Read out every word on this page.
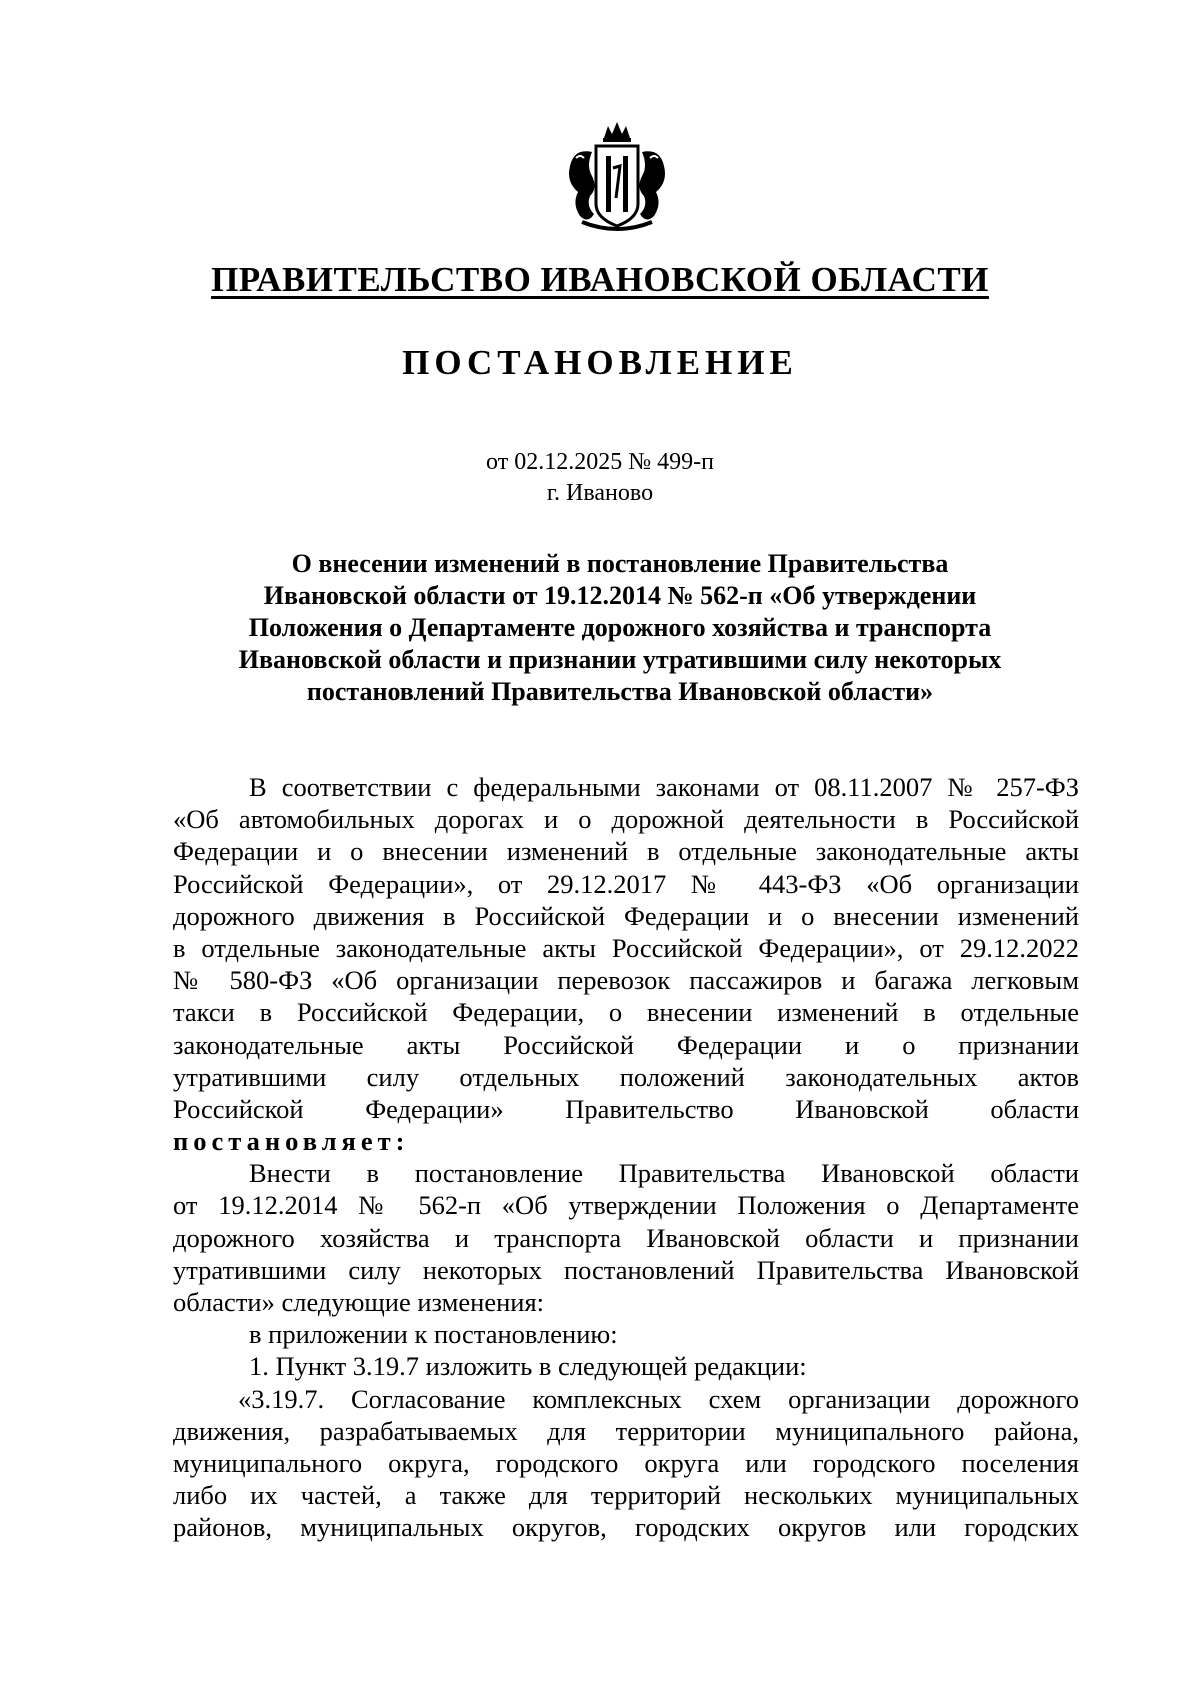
ПРАВИТЕЛЬСТВО ИВАНОВСКОЙ ОБЛАСТИ
ПОСТАНОВЛЕНИЕ
от 02.12.2025 № 499-п
г. Иваново
О внесении изменений в постановление Правительства
Ивановской области от 19.12.2014 № 562-п «Об утверждении
Положения о Департаменте дорожного хозяйства и транспорта
Ивановской области и признании утратившими силу некоторых
постановлений Правительства Ивановской области»
В соответствии с федеральными законами от 08.11.2007 № 257-ФЗ
«Об автомобильных дорогах и о дорожной деятельности в Российской
Федерации и о внесении изменений в отдельные законодательные акты
Российской Федерации», от 29.12.2017 № 443-ФЗ «Об организации
дорожного движения в Российской Федерации и о внесении изменений
в отдельные законодательные акты Российской Федерации», от 29.12.2022
№ 580-ФЗ «Об организации перевозок пассажиров и багажа легковым
такси в Российской Федерации, о внесении изменений в отдельные
законодательные акты Российской Федерации и о признании
утратившими силу отдельных положений законодательных актов
Российской Федерации» Правительство Ивановской области
постановляет:
Внести в постановление Правительства Ивановской области
от 19.12.2014 № 562-п «Об утверждении Положения о Департаменте
дорожного хозяйства и транспорта Ивановской области и признании
утратившими силу некоторых постановлений Правительства Ивановской
области» следующие изменения:
в приложении к постановлению:
1. Пункт 3.19.7 изложить в следующей редакции:
«3.19.7. Согласование комплексных схем организации дорожного
движения, разрабатываемых для территории муниципального района,
муниципального округа, городского округа или городского поселения
либо их частей, а также для территорий нескольких муниципальных
районов, муниципальных округов, городских округов или городских
